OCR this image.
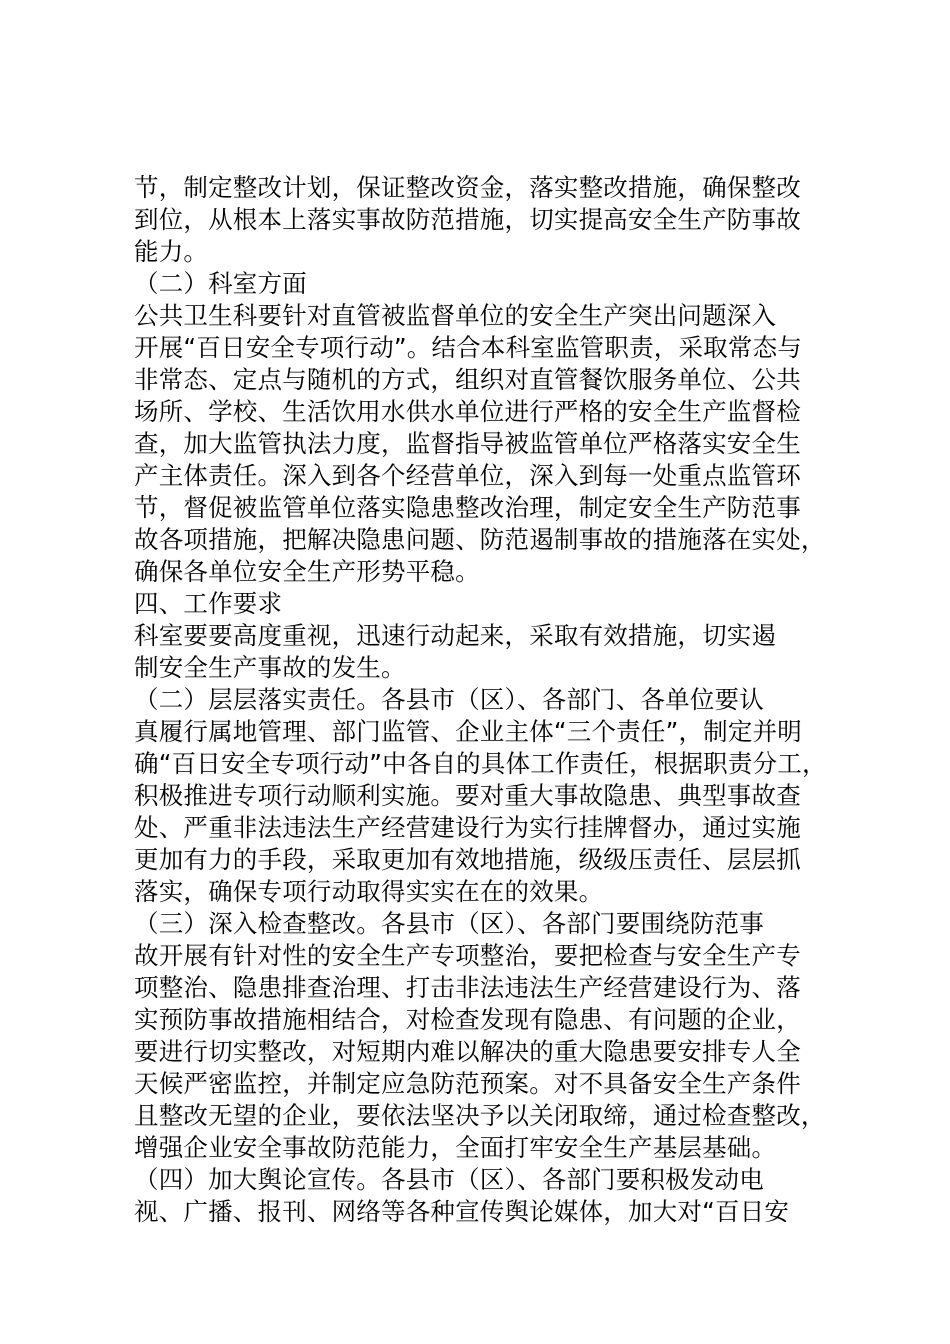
节，制定整改计划，保证整改资金，落实整改措施，确保整改
到位，从根本上落实事故防范措施，切实提高安全生产防事故
能力。
（二）科室方面
公共卫生科要针对直管被监督单位的安全生产突出问题深入
开展“百日安全专项行动”。结合本科室监管职责，采取常态与
非常态、定点与随机的方式，组织对直管餐饮服务单位、公共
场所、学校、生活饮用水供水单位进行严格的安全生产监督检
查，加大监管执法力度，监督指导被监管单位严格落实安全生
产主体责任。深入到各个经营单位，深入到每一处重点监管环
节，督促被监管单位落实隐患整改治理，制定安全生产防范事
故各项措施，把解决隐患问题、防范遏制事故的措施落在实处，
确保各单位安全生产形势平稳。
四、工作要求
科室要要高度重视，迅速行动起来，采取有效措施，切实遏
制安全生产事故的发生。
（二）层层落实责任。各县市（区）、各部门、各单位要认
真履行属地管理、部门监管、企业主体“三个责任”，制定并明
确“百日安全专项行动”中各自的具体工作责任，根据职责分工，
积极推进专项行动顺利实施。要对重大事故隐患、典型事故查
处、严重非法违法生产经营建设行为实行挂牌督办，通过实施
更加有力的手段，采取更加有效地措施，级级压责任、层层抓
落实，确保专项行动取得实实在在的效果。
（三）深入检查整改。各县市（区）、各部门要围绕防范事
故开展有针对性的安全生产专项整治，要把检查与安全生产专
项整治、隐患排查治理、打击非法违法生产经营建设行为、落
实预防事故措施相结合，对检查发现有隐患、有问题的企业，
要进行切实整改，对短期内难以解决的重大隐患要安排专人全
天候严密监控，并制定应急防范预案。对不具备安全生产条件
且整改无望的企业，要依法坚决予以关闭取缔，通过检查整改，
增强企业安全事故防范能力，全面打牢安全生产基层基础。
（四）加大舆论宣传。各县市（区）、各部门要积极发动电
视、广播、报刊、网络等各种宣传舆论媒体，加大对“百日安
